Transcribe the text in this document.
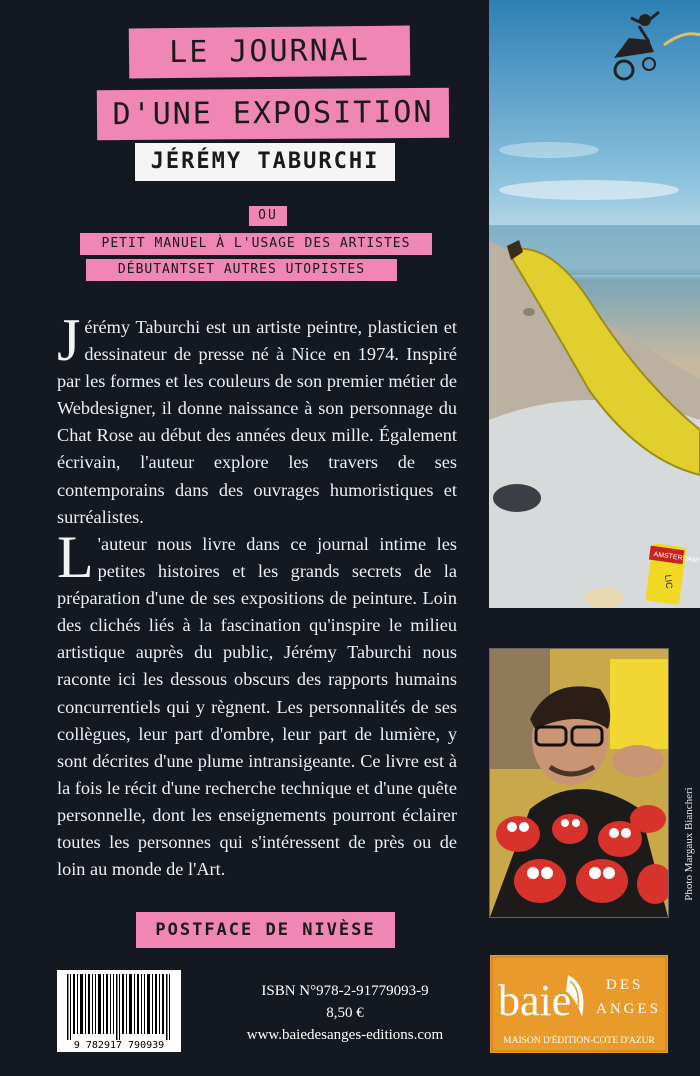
LE JOURNAL
D'UNE EXPOSITION
JÉRÉMY TABURCHI
OU
PETIT MANUEL À L'USAGE DES ARTISTES
DÉBUTANTSET AUTRES UTOPISTES
Jérémy Taburchi est un artiste peintre, plasticien et dessinateur de presse né à Nice en 1974. Inspiré par les formes et les couleurs de son premier métier de Webdesigner, il donne naissance à son personnage du Chat Rose au début des années deux mille. Également écrivain, l'auteur explore les travers de ses contemporains dans des ouvrages humoristiques et surréalistes.
L 'auteur nous livre dans ce journal intime les petites histoires et les grands secrets de la préparation d'une de ses expositions de peinture. Loin des clichés liés à la fascination qu'inspire le milieu artistique auprès du public, Jérémy Taburchi nous raconte ici les dessous obscurs des rapports humains concurrentiels qui y règnent. Les personnalités de ses collègues, leur part d'ombre, leur part de lumière, y sont décrites d'une plume intransigeante. Ce livre est à la fois le récit d'une recherche technique et d'une quête personnelle, dont les enseignements pourront éclairer toutes les personnes qui s'intéressent de près ou de loin au monde de l'Art.
POSTFACE DE NIVÈSE
AMSTERDAM
LIC
Photo Margaux Biancheri
9 782917 790939
ISBN N°978-2-91779093-9
8,50 €
www.baiedesanges-editions.com
baie DES
ANGES
MAISON D'ÉDITION-COTE D'AZUR
